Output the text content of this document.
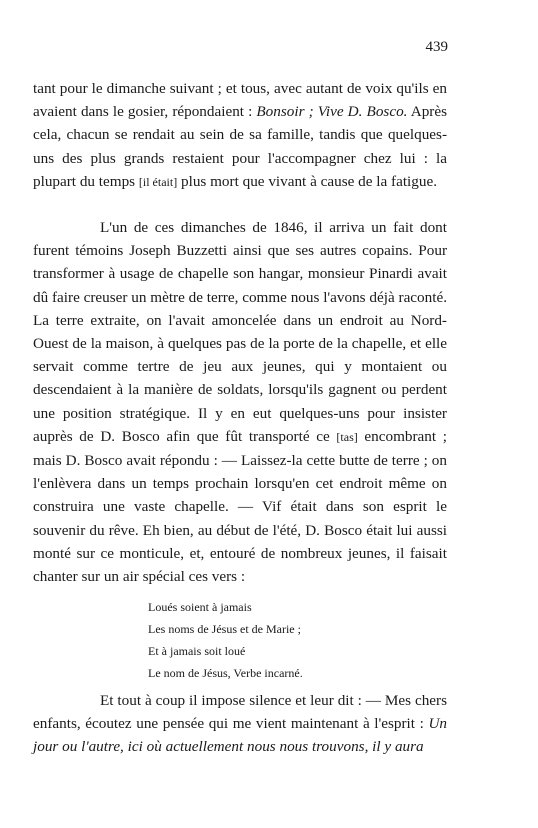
439
tant pour le dimanche suivant ; et tous, avec autant de voix qu'ils en avaient dans le gosier, répondaient : Bonsoir ; Vive D. Bosco. Après cela, chacun se rendait au sein de sa famille, tandis que quelques-uns des plus grands restaient pour l'accompagner chez lui : la plupart du temps [il était] plus mort que vivant à cause de la fatigue.
L'un de ces dimanches de 1846, il arriva un fait dont furent témoins Joseph Buzzetti ainsi que ses autres copains. Pour transformer à usage de chapelle son hangar, monsieur Pinardi avait dû faire creuser un mètre de terre, comme nous l'avons déjà raconté. La terre extraite, on l'avait amoncelée dans un endroit au Nord-Ouest de la maison, à quelques pas de la porte de la chapelle, et elle servait comme tertre de jeu aux jeunes, qui y montaient ou descendaient à la manière de soldats, lorsqu'ils gagnent ou perdent une position stratégique. Il y en eut quelques-uns pour insister auprès de D. Bosco afin que fût transporté ce [tas] encombrant ; mais D. Bosco avait répondu : — Laissez-la cette butte de terre ; on l'enlèvera dans un temps prochain lorsqu'en cet endroit même on construira une vaste chapelle. — Vif était dans son esprit le souvenir du rêve. Eh bien, au début de l'été, D. Bosco était lui aussi monté sur ce monticule, et, entouré de nombreux jeunes, il faisait chanter sur un air spécial ces vers :
Loués soient à jamais
Les noms de Jésus et de Marie ;
Et à jamais soit loué
Le nom de Jésus, Verbe incarné.
Et tout à coup il impose silence et leur dit : — Mes chers enfants, écoutez une pensée qui me vient maintenant à l'esprit : Un jour ou l'autre, ici où actuellement nous nous trouvons, il y aura
